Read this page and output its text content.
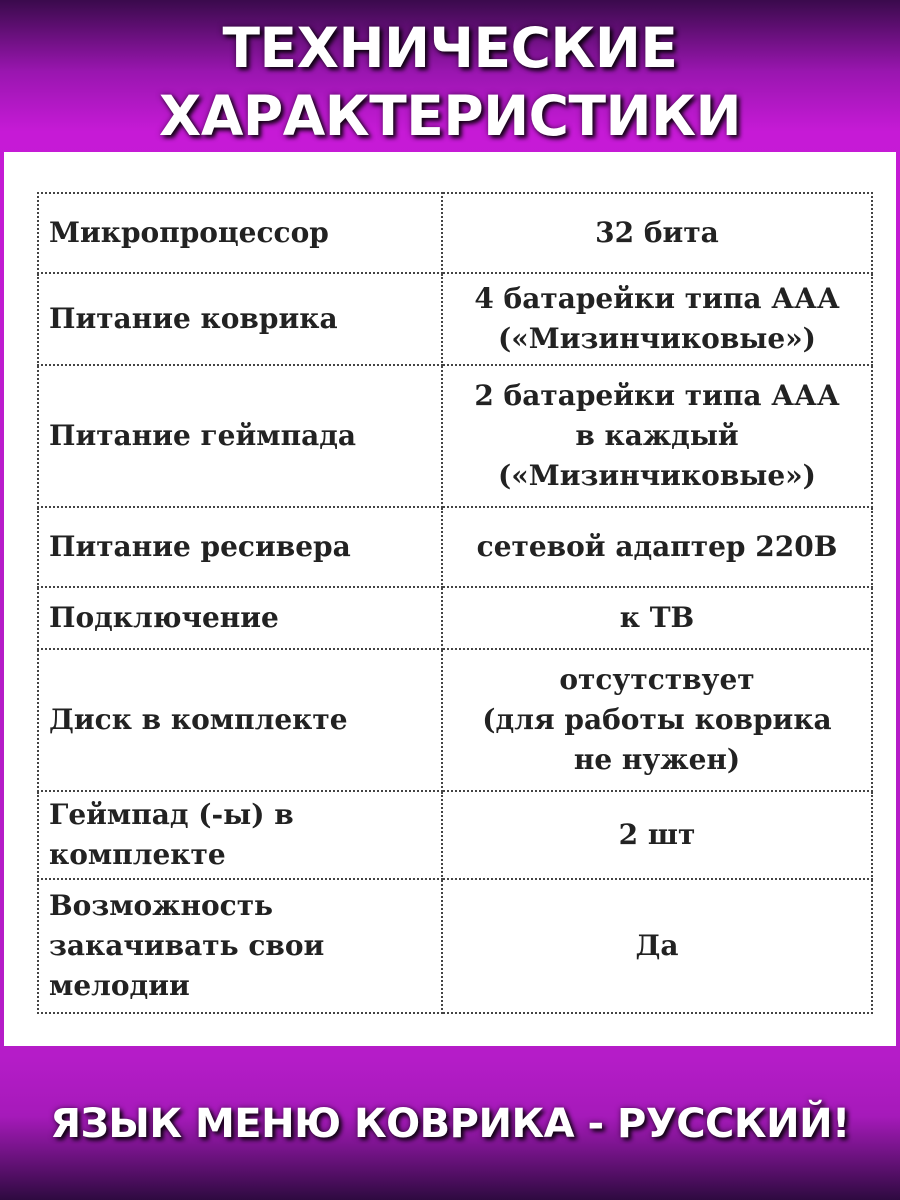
ТЕХНИЧЕСКИЕ
ХАРАКТЕРИСТИКИ
Микропроцессор	32 бита

Питание коврика	4 батарейки типа ААА
(«Мизинчиковые»)

Питание геймпада	2 батарейки типа ААА
в каждый
(«Мизинчиковые»)

Питание ресивера	сетевой адаптер 220В

Подключение	к ТВ

Диск в комплекте	отсутствует
(для работы коврика
не нужен)

Геймпад (-ы) в комплекте	2 шт

Возможность закачивать свои мелодии	Да
ЯЗЫК МЕНЮ КОВРИКА - РУССКИЙ!
